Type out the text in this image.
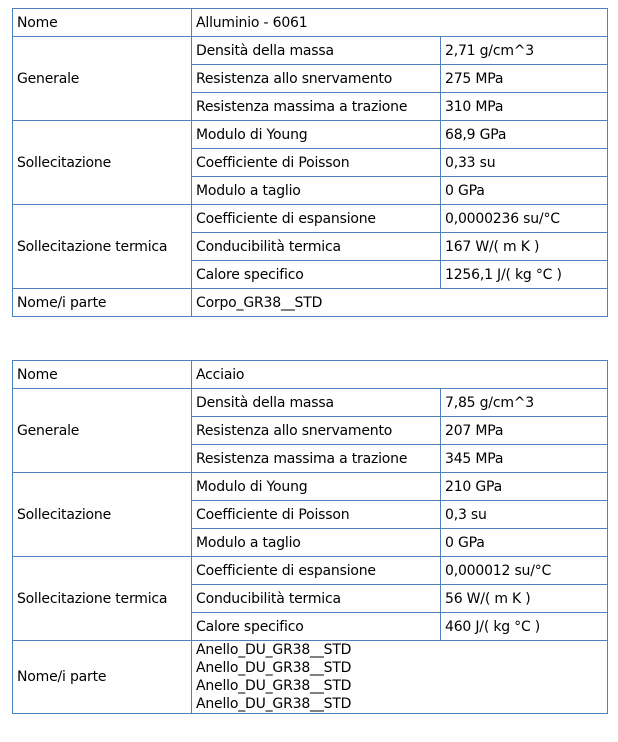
Nome	Alluminio - 6061	
Generale	Densità della massa	2,71 g/cm^3
	Resistenza allo snervamento	275 MPa
	Resistenza massima a trazione	310 MPa
Sollecitazione	Modulo di Young	68,9 GPa
	Coefficiente di Poisson	0,33 su
	Modulo a taglio	0 GPa
Sollecitazione termica	Coefficiente di espansione	0,0000236 su/°C
	Conducibilità termica	167 W/( m K )
	Calore specifico	1256,1 J/( kg °C )
Nome/i parte	Corpo_GR38__STD	
Nome	Acciaio	
Generale	Densità della massa	7,85 g/cm^3
	Resistenza allo snervamento	207 MPa
	Resistenza massima a trazione	345 MPa
Sollecitazione	Modulo di Young	210 GPa
	Coefficiente di Poisson	0,3 su
	Modulo a taglio	0 GPa
Sollecitazione termica	Coefficiente di espansione	0,000012 su/°C
	Conducibilità termica	56 W/( m K )
	Calore specifico	460 J/( kg °C )
Nome/i parte	Anello_DU_GR38__STD
Anello_DU_GR38__STD
Anello_DU_GR38__STD
Anello_DU_GR38__STD	
